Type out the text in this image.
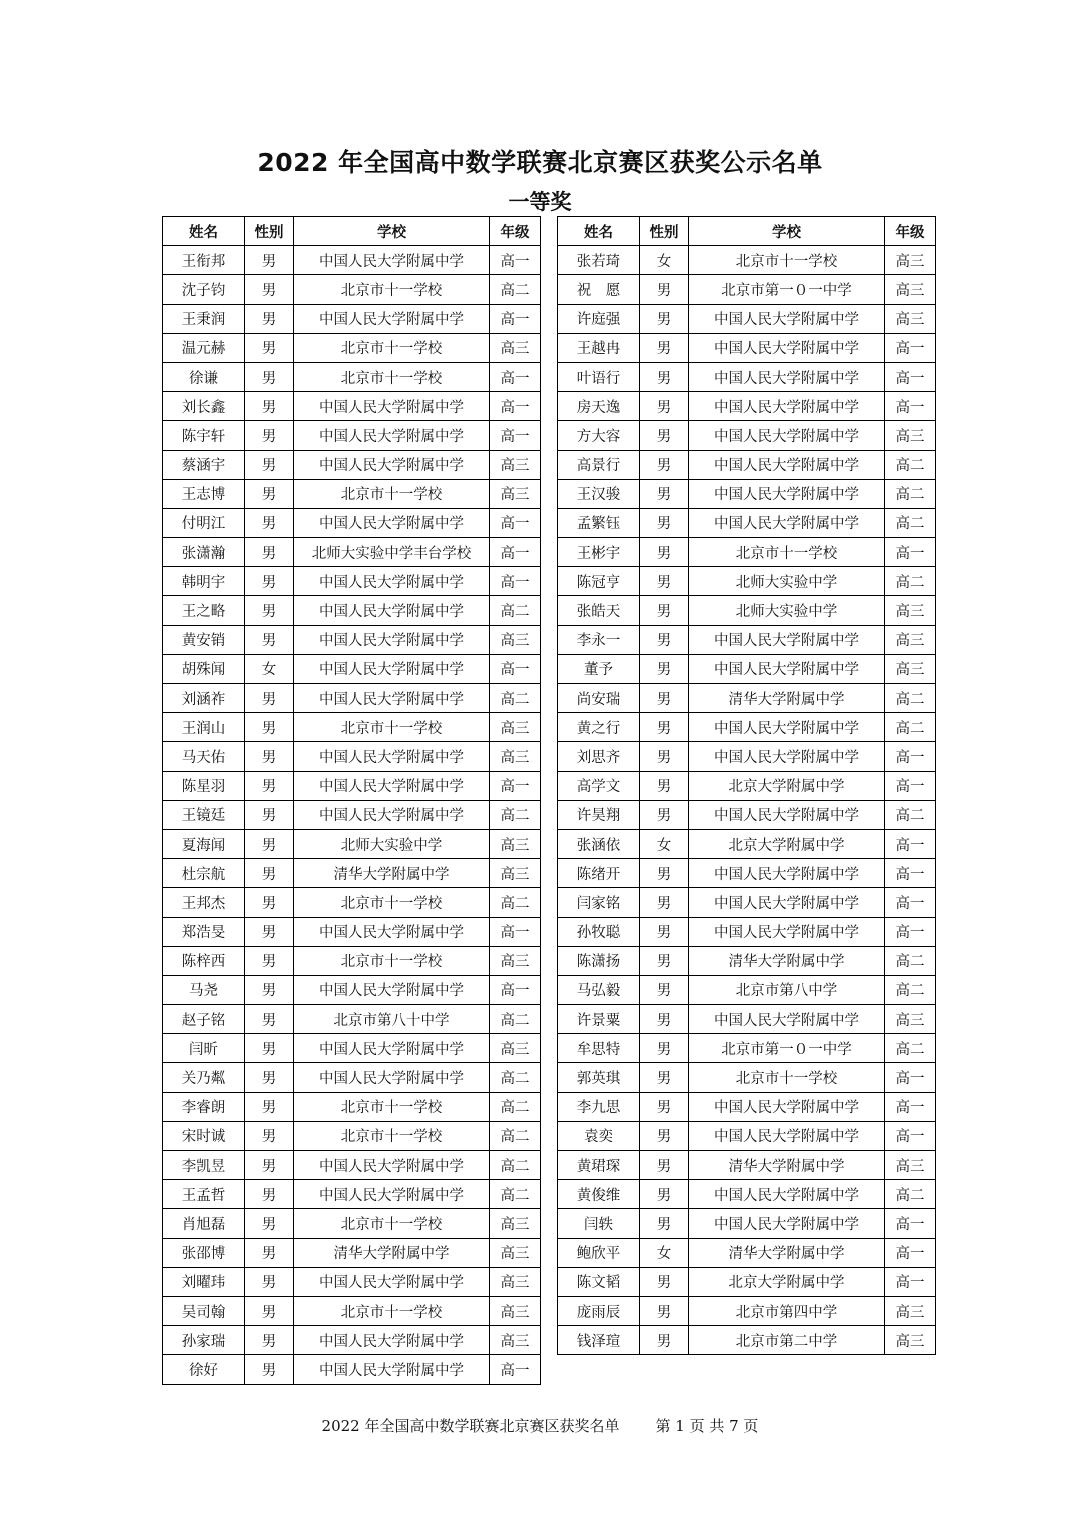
2022 年全国高中数学联赛北京赛区获奖公示名单
一等奖
姓名	性别	学校	年级
王衔邦	男	中国人民大学附属中学	高一
沈子钧	男	北京市十一学校	高二
王秉润	男	中国人民大学附属中学	高一
温元赫	男	北京市十一学校	高三
徐谦	男	北京市十一学校	高一
刘长鑫	男	中国人民大学附属中学	高一
陈宇轩	男	中国人民大学附属中学	高一
蔡涵宇	男	中国人民大学附属中学	高三
王志博	男	北京市十一学校	高三
付明江	男	中国人民大学附属中学	高一
张潇瀚	男	北师大实验中学丰台学校	高一
韩明宇	男	中国人民大学附属中学	高一
王之略	男	中国人民大学附属中学	高二
黄安销	男	中国人民大学附属中学	高三
胡殊闻	女	中国人民大学附属中学	高一
刘涵祚	男	中国人民大学附属中学	高二
王润山	男	北京市十一学校	高三
马天佑	男	中国人民大学附属中学	高三
陈星羽	男	中国人民大学附属中学	高一
王镜廷	男	中国人民大学附属中学	高二
夏海闻	男	北师大实验中学	高三
杜宗航	男	清华大学附属中学	高三
王邦杰	男	北京市十一学校	高二
郑浩旻	男	中国人民大学附属中学	高一
陈梓西	男	北京市十一学校	高三
马尧	男	中国人民大学附属中学	高一
赵子铭	男	北京市第八十中学	高二
闫昕	男	中国人民大学附属中学	高三
关乃粼	男	中国人民大学附属中学	高二
李睿朗	男	北京市十一学校	高二
宋时诚	男	北京市十一学校	高二
李凯昱	男	中国人民大学附属中学	高二
王孟哲	男	中国人民大学附属中学	高二
肖旭磊	男	北京市十一学校	高三
张邵博	男	清华大学附属中学	高三
刘曜玮	男	中国人民大学附属中学	高三
吴司翰	男	北京市十一学校	高三
孙家瑞	男	中国人民大学附属中学	高三
徐好	男	中国人民大学附属中学	高一
姓名	性别	学校	年级
张若琦	女	北京市十一学校	高三
祝　愿	男	北京市第一０一中学	高三
许庭强	男	中国人民大学附属中学	高三
王越冉	男	中国人民大学附属中学	高一
叶语行	男	中国人民大学附属中学	高一
房天逸	男	中国人民大学附属中学	高一
方大容	男	中国人民大学附属中学	高三
高景行	男	中国人民大学附属中学	高二
王汉骏	男	中国人民大学附属中学	高二
孟繁钰	男	中国人民大学附属中学	高二
王彬宇	男	北京市十一学校	高一
陈冠亨	男	北师大实验中学	高二
张皓天	男	北师大实验中学	高三
李永一	男	中国人民大学附属中学	高三
董予	男	中国人民大学附属中学	高三
尚安瑞	男	清华大学附属中学	高二
黄之行	男	中国人民大学附属中学	高二
刘思齐	男	中国人民大学附属中学	高一
高学文	男	北京大学附属中学	高一
许昊翔	男	中国人民大学附属中学	高二
张涵依	女	北京大学附属中学	高一
陈绪开	男	中国人民大学附属中学	高一
闫家铭	男	中国人民大学附属中学	高一
孙牧聪	男	中国人民大学附属中学	高一
陈潇扬	男	清华大学附属中学	高二
马弘毅	男	北京市第八中学	高二
许景粟	男	中国人民大学附属中学	高三
牟思特	男	北京市第一０一中学	高二
郭英琪	男	北京市十一学校	高一
李九思	男	中国人民大学附属中学	高一
袁奕	男	中国人民大学附属中学	高一
黄珺琛	男	清华大学附属中学	高三
黄俊维	男	中国人民大学附属中学	高二
闫轶	男	中国人民大学附属中学	高一
鲍欣平	女	清华大学附属中学	高一
陈文韬	男	北京大学附属中学	高一
庞雨辰	男	北京市第四中学	高三
钱泽瑄	男	北京市第二中学	高三
2022 年全国高中数学联赛北京赛区获奖名单 第 1 页 共 7 页
